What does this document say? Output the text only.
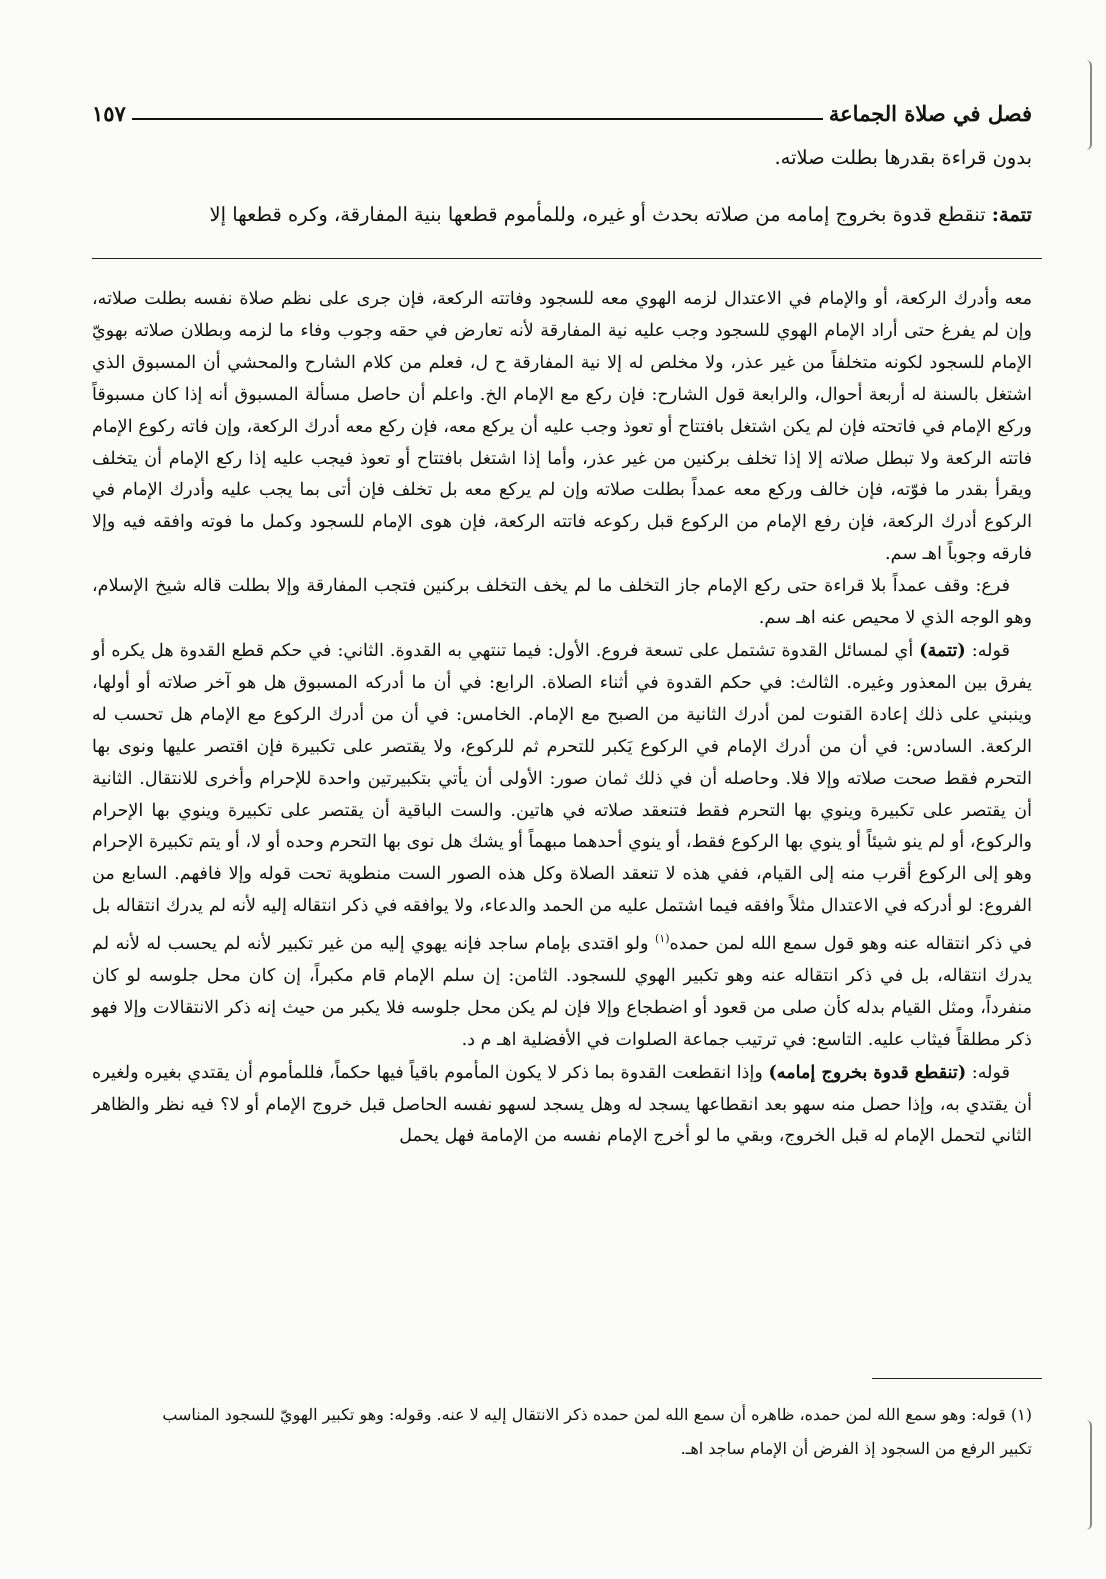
فصل في صلاة الجماعة
١٥٧
بدون قراءة بقدرها بطلت صلاته.
تتمة: تنقطع قدوة بخروج إمامه من صلاته بحدث أو غيره، وللمأموم قطعها بنية المفارقة، وكره قطعها إلا

معه وأدرك الركعة، أو والإمام في الاعتدال لزمه الهوي معه للسجود وفاتته الركعة، فإن جرى على نظم صلاة نفسه بطلت صلاته، وإن لم يفرغ حتى أراد الإمام الهوي للسجود وجب عليه نية المفارقة لأنه تعارض في حقه وجوب وفاء ما لزمه وبطلان صلاته بهويّ الإمام للسجود لكونه متخلفاً من غير عذر، ولا مخلص له إلا نية المفارقة ح ل، فعلم من كلام الشارح والمحشي أن المسبوق الذي اشتغل بالسنة له أربعة أحوال، والرابعة قول الشارح: فإن ركع مع الإمام الخ. واعلم أن حاصل مسألة المسبوق أنه إذا كان مسبوقاً وركع الإمام في فاتحته فإن لم يكن اشتغل بافتتاح أو تعوذ وجب عليه أن يركع معه، فإن ركع معه أدرك الركعة، وإن فاته ركوع الإمام فاتته الركعة ولا تبطل صلاته إلا إذا تخلف بركنين من غير عذر، وأما إذا اشتغل بافتتاح أو تعوذ فيجب عليه إذا ركع الإمام أن يتخلف ويقرأ بقدر ما فوّته، فإن خالف وركع معه عمداً بطلت صلاته وإن لم يركع معه بل تخلف فإن أتى بما يجب عليه وأدرك الإمام في الركوع أدرك الركعة، فإن رفع الإمام من الركوع قبل ركوعه فاتته الركعة، فإن هوى الإمام للسجود وكمل ما فوته وافقه فيه وإلا فارقه وجوباً اهـ سم.

فرع: وقف عمداً بلا قراءة حتى ركع الإمام جاز التخلف ما لم يخف التخلف بركنين فتجب المفارقة وإلا بطلت قاله شيخ الإسلام، وهو الوجه الذي لا محيص عنه اهـ سم.

قوله: (تتمة) أي لمسائل القدوة تشتمل على تسعة فروع. الأول: فيما تنتهي به القدوة. الثاني: في حكم قطع القدوة هل يكره أو يفرق بين المعذور وغيره. الثالث: في حكم القدوة في أثناء الصلاة. الرابع: في أن ما أدركه المسبوق هل هو آخر صلاته أو أولها، وينبني على ذلك إعادة القنوت لمن أدرك الثانية من الصبح مع الإمام. الخامس: في أن من أدرك الركوع مع الإمام هل تحسب له الركعة. السادس: في أن من أدرك الإمام في الركوع يَكبر للتحرم ثم للركوع، ولا يقتصر على تكبيرة فإن اقتصر عليها ونوى بها التحرم فقط صحت صلاته وإلا فلا. وحاصله أن في ذلك ثمان صور: الأولى أن يأتي بتكبيرتين واحدة للإحرام وأخرى للانتقال. الثانية أن يقتصر على تكبيرة وينوي بها التحرم فقط فتنعقد صلاته في هاتين. والست الباقية أن يقتصر على تكبيرة وينوي بها الإحرام والركوع، أو لم ينو شيئاً أو ينوي بها الركوع فقط، أو ينوي أحدهما مبهماً أو يشك هل نوى بها التحرم وحده أو لا، أو يتم تكبيرة الإحرام وهو إلى الركوع أقرب منه إلى القيام، ففي هذه لا تنعقد الصلاة وكل هذه الصور الست منطوية تحت قوله وإلا فافهم. السابع من الفروع: لو أدركه في الاعتدال مثلاً وافقه فيما اشتمل عليه من الحمد والدعاء، ولا يوافقه في ذكر انتقاله إليه لأنه لم يدرك انتقاله بل في ذكر انتقاله عنه وهو قول سمع الله لمن حمده$^{(١)}$ ولو اقتدى بإمام ساجد فإنه يهوي إليه من غير تكبير لأنه لم يحسب له لأنه لم يدرك انتقاله، بل في ذكر انتقاله عنه وهو تكبير الهوي للسجود. الثامن: إن سلم الإمام قام مكبراً، إن كان محل جلوسه لو كان منفرداً، ومثل القيام بدله كأن صلى من قعود أو اضطجاع وإلا فإن لم يكن محل جلوسه فلا يكبر من حيث إنه ذكر الانتقالات وإلا فهو ذكر مطلقاً فيثاب عليه. التاسع: في ترتيب جماعة الصلوات في الأفضلية اهـ م د.

قوله: (تنقطع قدوة بخروج إمامه) وإذا انقطعت القدوة بما ذكر لا يكون المأموم باقياً فيها حكماً، فللمأموم أن يقتدي بغيره ولغيره أن يقتدي به، وإذا حصل منه سهو بعد انقطاعها يسجد له وهل يسجد لسهو نفسه الحاصل قبل خروج الإمام أو لا؟ فيه نظر والظاهر الثاني لتحمل الإمام له قبل الخروج، وبقي ما لو أخرج الإمام نفسه من الإمامة فهل يحمل

(١) قوله: وهو سمع الله لمن حمده، ظاهره أن سمع الله لمن حمده ذكر الانتقال إليه لا عنه. وقوله: وهو تكبير الهويّ للسجود المناسب

تكبير الرفع من السجود إذ الفرض أن الإمام ساجد اهـ.
